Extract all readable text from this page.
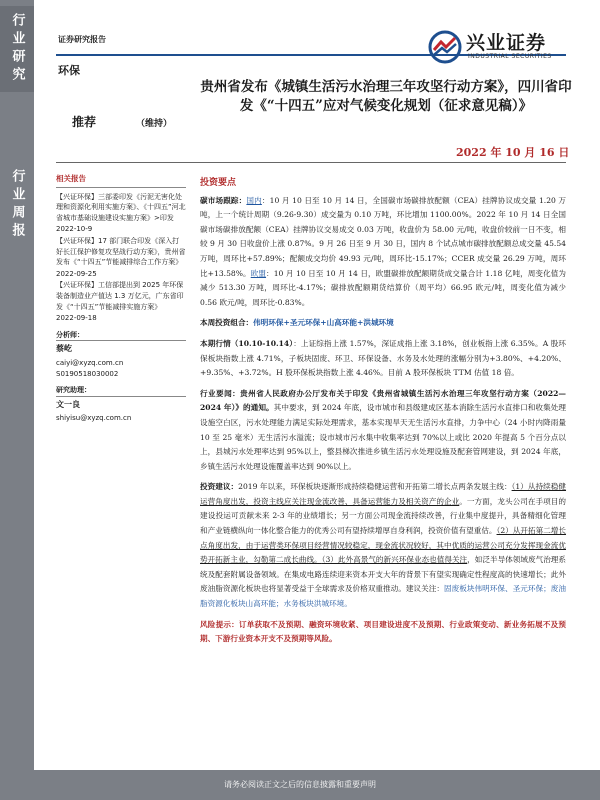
行业研究
行业周报
证券研究报告
环保
兴业证券
INDUSTRIAL SECURITIES
推荐	（维持）
贵州省发布《城镇生活污水治理三年攻坚行动方案》，四川省印发《“十四五”应对气候变化规划（征求意见稿）》
2022 年 10 月 16 日
相关报告
【兴证环保】三部委印发《污泥无害化处理和资源化利用实施方案》、《十四五”河北省城市基础设施建设实施方案》>印发
2022-10-9
【兴证环保】17 部门联合印发《深入打好长江保护修复攻坚战行动方案》，贵州省发布《“十四五”节能减排综合工作方案》
2022-09-25
【兴证环保】工信部提出到 2025 年环保装备制造业产值达 1.3 万亿元，广东省印发《“十四五”节能减排实施方案》
2022-09-18
分析师：
蔡屹
caiyi@xyzq.com.cn
S0190518030002
研究助理：
文一良
shiyisu@xyzq.com.cn
投资要点

碳市场跟踪：国内：10 月 10 日至 10 月 14 日，全国碳市场碳排放配额（CEA）挂牌协议成交量 1.20 万吨，上一个统计周期（9.26-9.30）成交量为 0.10 万吨，环比增加 1100.00%。2022 年 10 月 14 日全国碳市场碳排放配额（CEA）挂牌协议交易成交 0.03 万吨，收盘价为 58.00 元/吨，收盘价较前一日不变，相较 9 月 30 日收盘价上涨 0.87%。9 月 26 日至 9 月 30 日，国内 8 个试点城市碳排放配额总成交量 45.54 万吨，周环比+57.89%；配额成交均价 49.93 元/吨，周环比-15.17%；CCER 成交量 26.29 万吨，周环比+13.58%。欧盟：10 月 10 日至 10 月 14 日，欧盟碳排放配额期货成交量合计 1.18 亿吨，周变化值为减少 513.30 万吨，周环比-4.17%；碳排放配额期货结算价（周平均）66.95 欧元/吨，周变化值为减少 0.56 欧元/吨，周环比-0.83%。

本周投资组合：伟明环保+圣元环保+山高环能+洪城环境

本期行情（10.10-10.14）：上证综指上涨 1.57%，深证成指上涨 3.18%，创业板指上涨 6.35%。A 股环保板块指数上涨 4.71%，子板块固废、环卫、环保设备、水务及水处理的涨幅分别为+3.80%、+4.20%、+9.35%、+3.72%。H 股环保板块指数上涨 4.46%。目前 A 股环保板块 TTM 估值 18 倍。

行业要闻：贵州省人民政府办公厅发布关于印发《贵州省城镇生活污水治理三年攻坚行动方案（2022—2024 年）》的通知。其中要求，到 2024 年底，设市城市和县级建成区基本消除生活污水直排口和收集处理设施空白区，污水处理能力满足实际处理需求，基本实现旱天无生活污水直排，力争中心（24 小时内降雨量 10 至 25 毫米）无生活污水溢流；设市城市污水集中收集率达到 70%以上或比 2020 年提高 5 个百分点以上，县城污水处理率达到 95%以上，整县梯次推进乡镇生活污水处理设施及配套管网建设，到 2024 年底，乡镇生活污水处理设施覆盖率达到 90%以上。

投资建议：2019 年以来，环保板块逐渐形成持续稳健运营和开拓第二增长点两条发展主线：（1）从持续稳健运营角度出发，投资主线应关注现金流改善、具备运营能力及相关资产的企业。一方面，龙头公司在手项目的建设投运可贡献未来 2-3 年的业绩增长；另一方面公司现金流持续改善，行业集中度提升，具备精细化管理和产业链横纵向一体化整合能力的优秀公司有望持续增厚自身利润，投资价值有望重估。（2）从开拓第二增长点角度出发，由于运营类环保项目经营情况较稳定，现金流状况较好，其中优质的运营公司充分发挥现金流优势开拓新主业，勾勒第二成长曲线。（3）此外高景气的新兴环保业态也值得关注，如泛半导体领域废气治理系统及配套附属设备领域。在集成电路连续迎来资本开支大年的背景下有望实现确定性程度高的快速增长；此外废油脂资源化板块也将显著受益于全球需求及价格双重推动。建议关注：固废板块伟明环保、圣元环保；废油脂资源化板块山高环能；水务板块洪城环境。

风险提示：订单获取不及预期、融资环境收紧、项目建设进度不及预期、行业政策变动、新业务拓展不及预期、下游行业资本开支不及预期等风险。

请务必阅读正文之后的信息披露和重要声明
